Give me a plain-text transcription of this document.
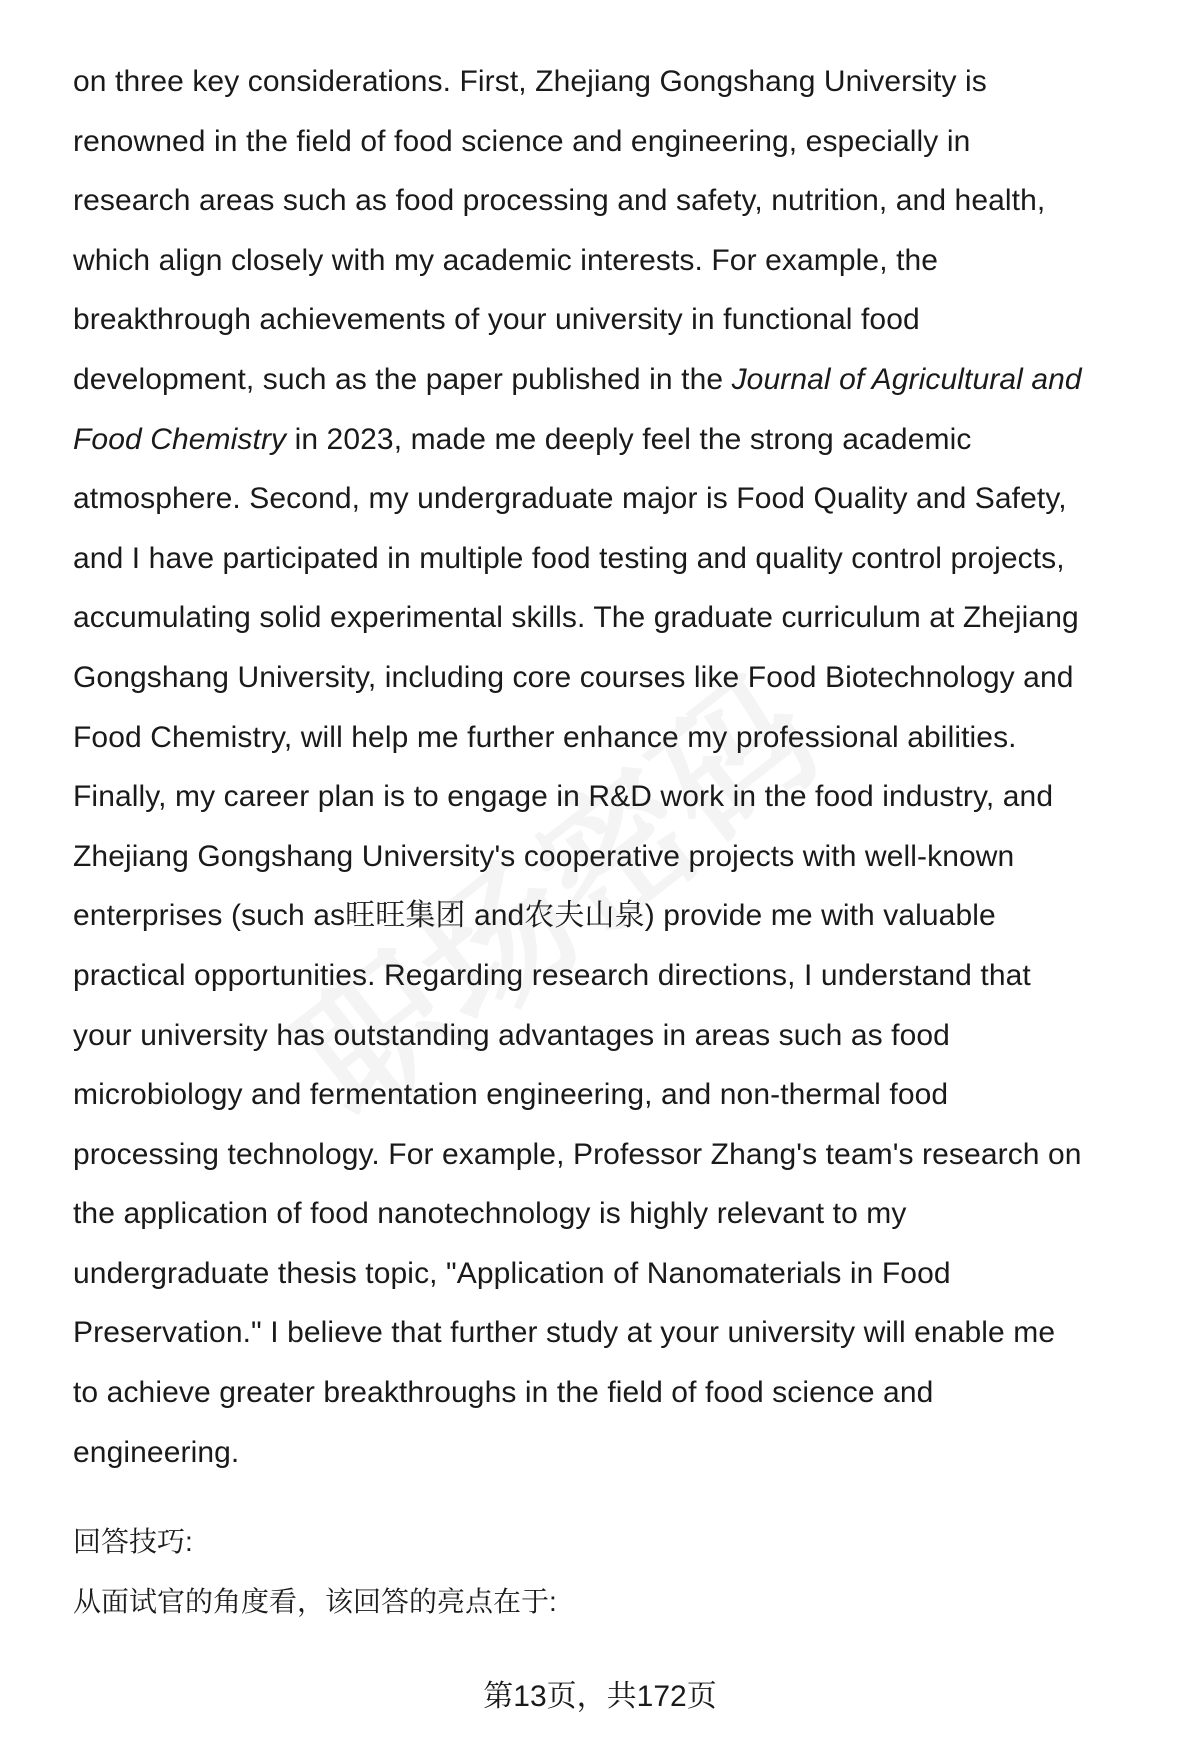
on three key considerations. First, Zhejiang Gongshang University is
renowned in the field of food science and engineering, especially in
research areas such as food processing and safety, nutrition, and health,
which align closely with my academic interests. For example, the
breakthrough achievements of your university in functional food
development, such as the paper published in the Journal of Agricultural and
Food Chemistry in 2023, made me deeply feel the strong academic
atmosphere. Second, my undergraduate major is Food Quality and Safety,
and I have participated in multiple food testing and quality control projects,
accumulating solid experimental skills. The graduate curriculum at Zhejiang
Gongshang University, including core courses like Food Biotechnology and
Food Chemistry, will help me further enhance my professional abilities.
Finally, my career plan is to engage in R&D work in the food industry, and
Zhejiang Gongshang University's cooperative projects with well-known
enterprises (such as旺旺集团 and农夫山泉) provide me with valuable
practical opportunities. Regarding research directions, I understand that
your university has outstanding advantages in areas such as food
microbiology and fermentation engineering, and non-thermal food
processing technology. For example, Professor Zhang's team's research on
the application of food nanotechnology is highly relevant to my
undergraduate thesis topic, "Application of Nanomaterials in Food
Preservation." I believe that further study at your university will enable me
to achieve greater breakthroughs in the field of food science and
engineering.
回答技巧:
从面试官的角度看，该回答的亮点在于:
第13页，共172页
